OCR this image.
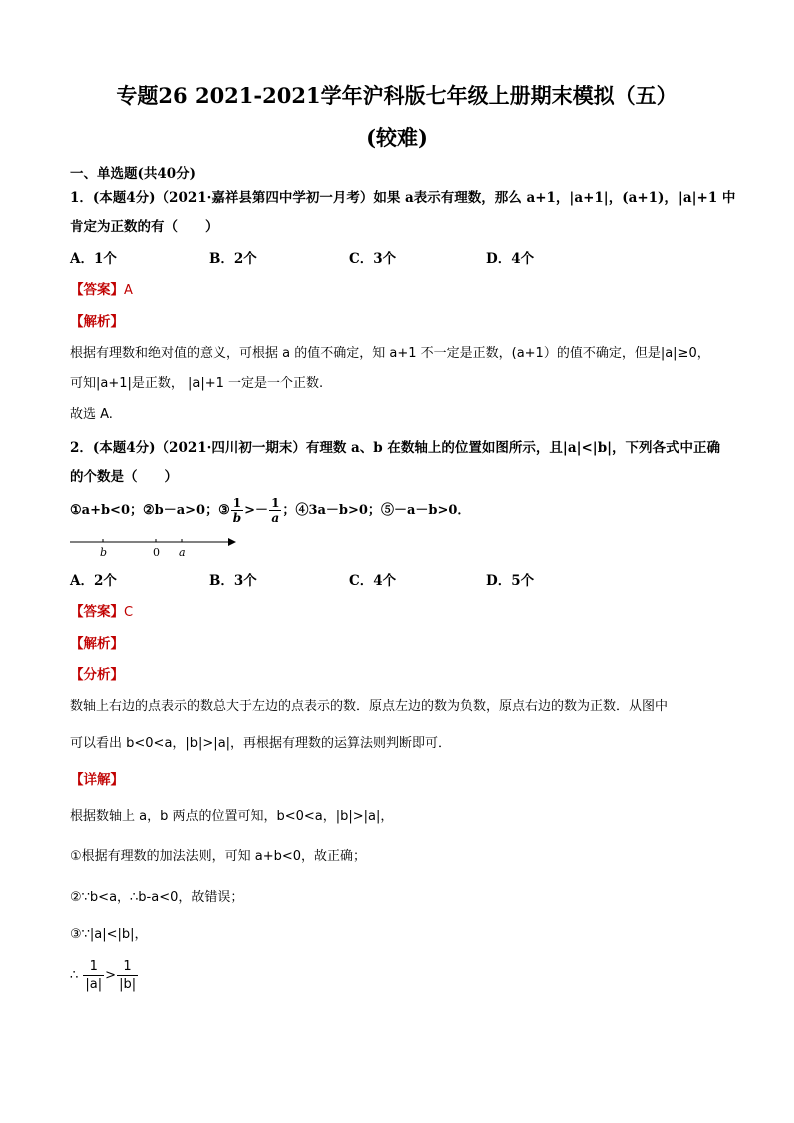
专题26 2021-2021学年沪科版七年级上册期末模拟（五）
(较难)
一、单选题(共40分)
1．(本题4分)（2021·嘉祥县第四中学初一月考）如果 a表示有理数，那么 a+1，|a+1|，(a+1)，|a|+1 中
肯定为正数的有（　　）
A．1个	B．2个	C．3个	D．4个
【答案】A
【解析】
根据有理数和绝对值的意义，可根据 a 的值不确定，知 a+1 不一定是正数，(a+1）的值不确定，但是|a|≥0，
可知|a+1|是正数， |a|+1 一定是一个正数.
故选 A.
2．(本题4分)（2021·四川初一期末）有理数 a、b 在数轴上的位置如图所示，且|a|<|b|，下列各式中正确
的个数是（　　）
①a+b<0；②b－a>0；③ $\frac{1}{b} >- \frac{1}{a}$ ；④3a－b>0；⑤－a－b>0．
b	0 a
A．2个	B．3个	C．4个	D．5个
【答案】C
【解析】
【分析】
数轴上右边的点表示的数总大于左边的点表示的数．原点左边的数为负数，原点右边的数为正数．从图中
可以看出 b<0<a，|b|>|a|，再根据有理数的运算法则判断即可．
【详解】
根据数轴上 a，b 两点的位置可知，b<0<a，|b|>|a|，
①根据有理数的加法法则，可知 a+b<0，故正确；
②∵b<a，∴b-a<0，故错误；
③∵|a|<|b|，
∴ $\frac{1}{|a|} > \frac{1}{|b|}$
